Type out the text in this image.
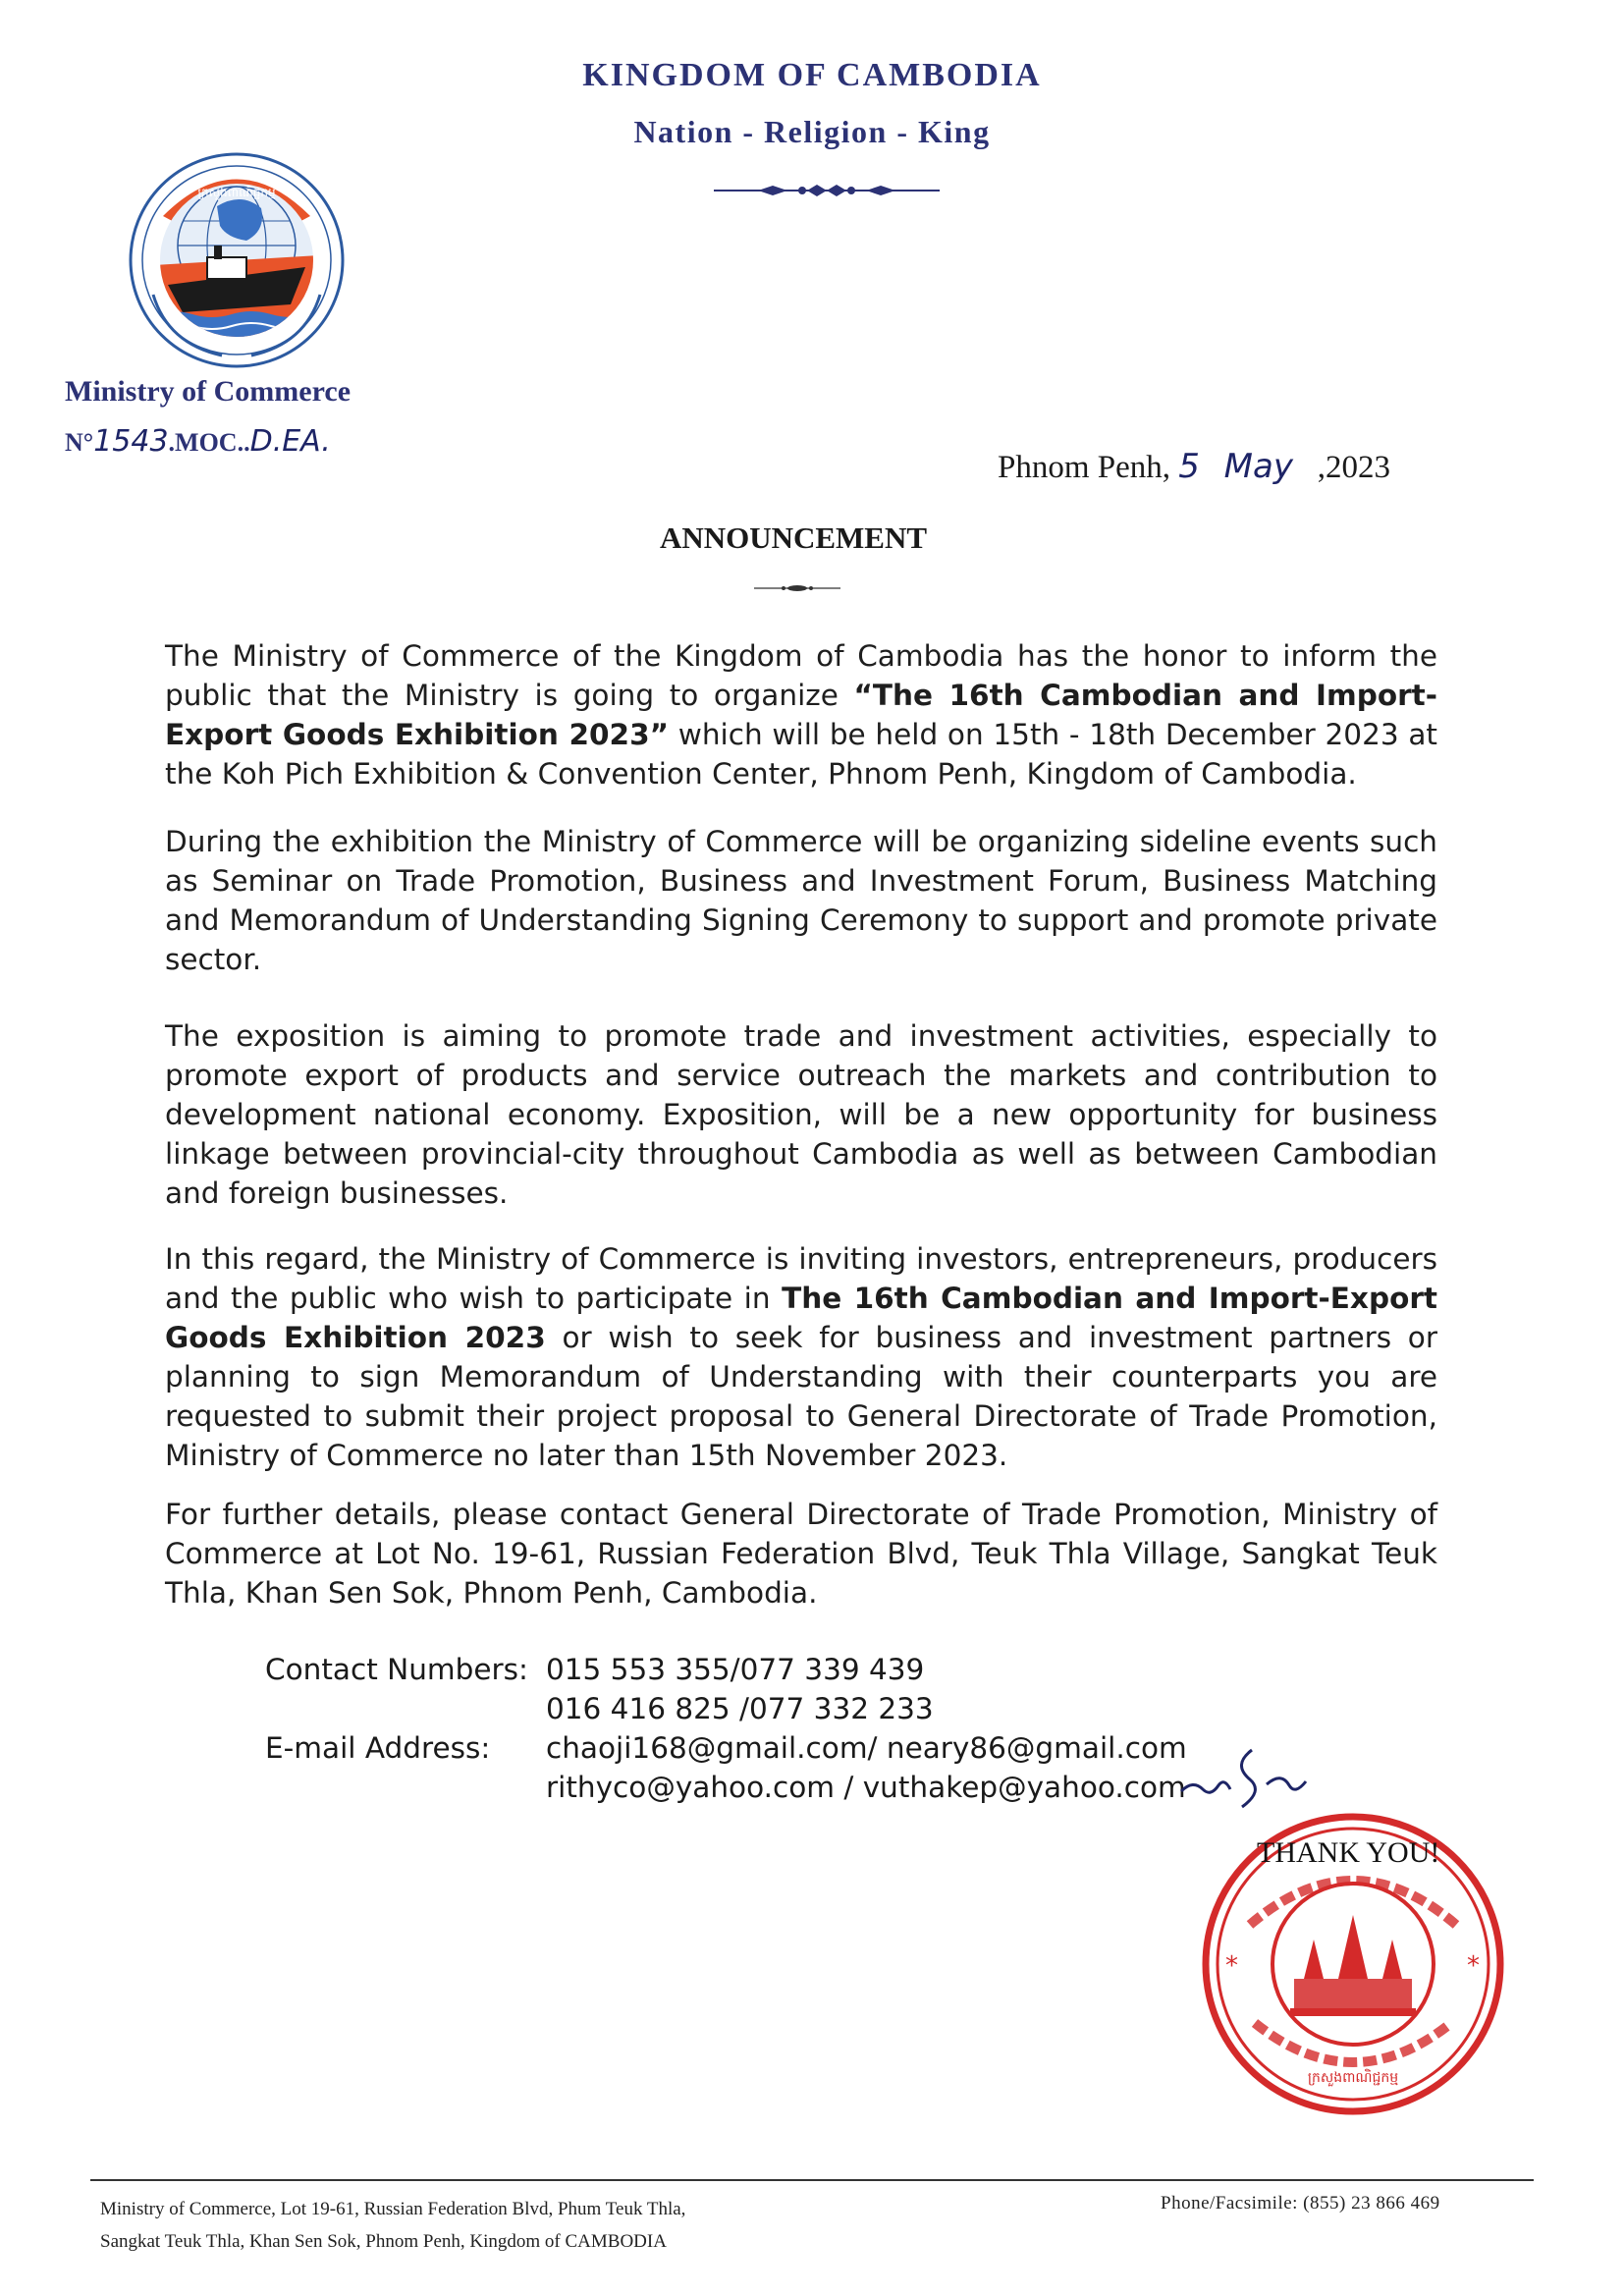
KINGDOM OF CAMBODIA
Nation - Religion - King
ក្រសួងពាណិជ្ជកម្ម
Ministry of Commerce
N°1543.MOC..D.EA.
Phnom Penh, 5 May ,2023
ANNOUNCEMENT
The Ministry of Commerce of the Kingdom of Cambodia has the honor to inform the public that the Ministry is going to organize “The 16th Cambodian and Import-Export Goods Exhibition 2023” which will be held on 15th - 18th December 2023 at the Koh Pich Exhibition & Convention Center, Phnom Penh, Kingdom of Cambodia.
During the exhibition the Ministry of Commerce will be organizing sideline events such as Seminar on Trade Promotion, Business and Investment Forum, Business Matching and Memorandum of Understanding Signing Ceremony to support and promote private sector.
The exposition is aiming to promote trade and investment activities, especially to promote export of products and service outreach the markets and contribution to development national economy. Exposition, will be a new opportunity for business linkage between provincial-city throughout Cambodia as well as between Cambodian and foreign businesses.
In this regard, the Ministry of Commerce is inviting investors, entrepreneurs, producers and the public who wish to participate in The 16th Cambodian and Import-Export Goods Exhibition 2023 or wish to seek for business and investment partners or planning to sign Memorandum of Understanding with their counterparts you are requested to submit their project proposal to General Directorate of Trade Promotion, Ministry of Commerce no later than 15th November 2023.
For further details, please contact General Directorate of Trade Promotion, Ministry of Commerce at Lot No. 19-61, Russian Federation Blvd, Teuk Thla Village, Sangkat Teuk Thla, Khan Sen Sok, Phnom Penh, Cambodia.
Contact Numbers:	015 553 355/077 339 439
	016 416 825 /077 332 233
E-mail Address:	chaoji168@gmail.com/ neary86@gmail.com
	rithyco@yahoo.com / vuthakep@yahoo.com
*	*
ក្រសួងពាណិជ្ជកម្ម
THANK YOU!
Ministry of Commerce, Lot 19-61, Russian Federation Blvd, Phum Teuk Thla,
Sangkat Teuk Thla, Khan Sen Sok, Phnom Penh, Kingdom of CAMBODIA
Phone/Facsimile: (855) 23 866 469
